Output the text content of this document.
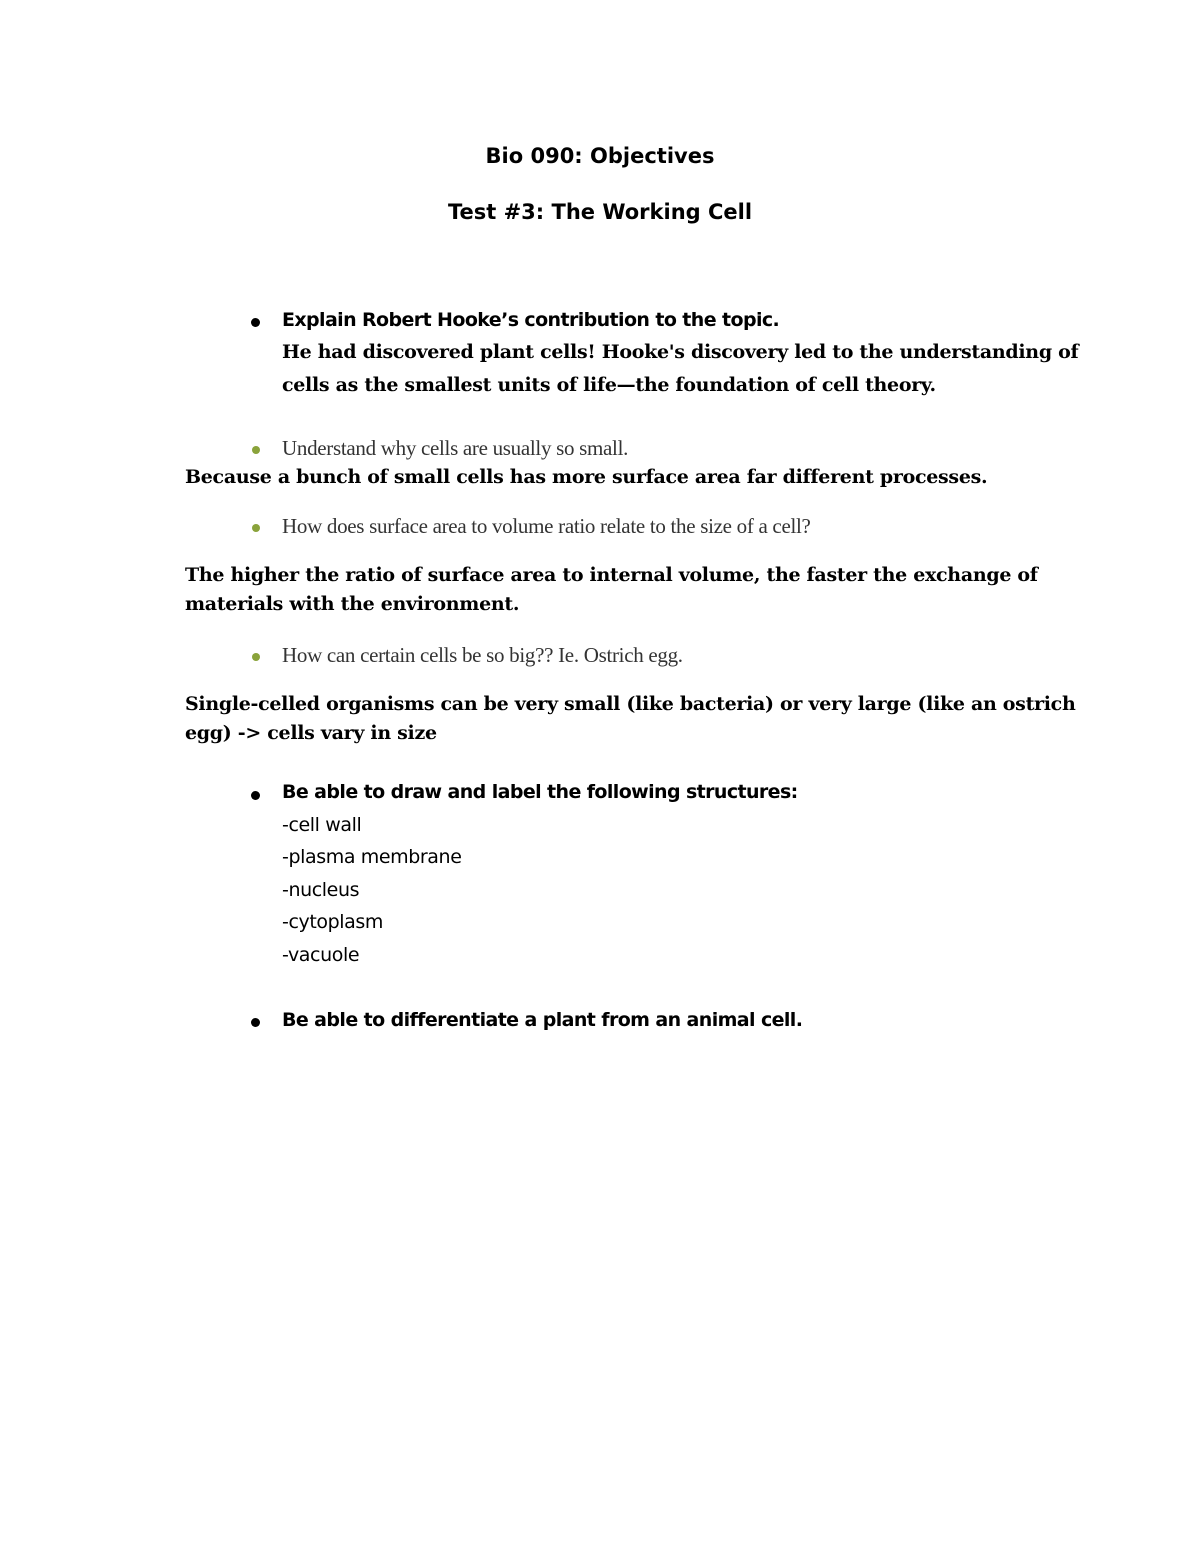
Bio 090: Objectives
Test #3: The Working Cell
Explain Robert Hooke’s contribution to the topic.
He had discovered plant cells! Hooke's discovery led to the understanding of
cells as the smallest units of life—the foundation of cell theory.
Understand why cells are usually so small.
Because a bunch of small cells has more surface area far different processes.
How does surface area to volume ratio relate to the size of a cell?
The higher the ratio of surface area to internal volume, the faster the exchange of
materials with the environment.
How can certain cells be so big?? Ie. Ostrich egg.
Single-celled organisms can be very small (like bacteria) or very large (like an ostrich
egg) -> cells vary in size
Be able to draw and label the following structures:
-cell wall
-plasma membrane
-nucleus
-cytoplasm
-vacuole
Be able to differentiate a plant from an animal cell.
